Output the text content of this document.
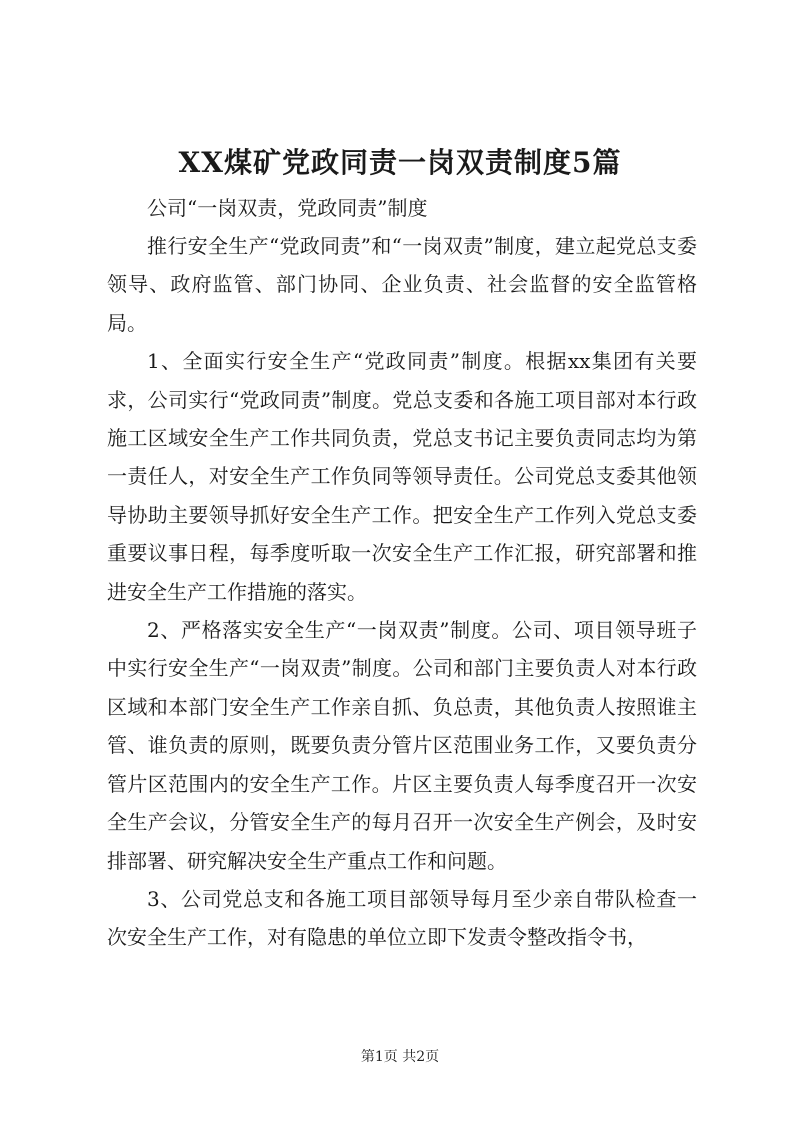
XX煤矿党政同责一岗双责制度5篇
公司“一岗双责，党政同责”制度

推行安全生产“党政同责”和“一岗双责”制度，建立起党总支委领导、政府监管、部门协同、企业负责、社会监督的安全监管格局。

1、全面实行安全生产“党政同责”制度。根据xx集团有关要求，公司实行“党政同责”制度。党总支委和各施工项目部对本行政施工区域安全生产工作共同负责，党总支书记主要负责同志均为第一责任人，对安全生产工作负同等领导责任。公司党总支委其他领导协助主要领导抓好安全生产工作。把安全生产工作列入党总支委重要议事日程，每季度听取一次安全生产工作汇报，研究部署和推进安全生产工作措施的落实。

2、严格落实安全生产“一岗双责”制度。公司、项目领导班子中实行安全生产“一岗双责”制度。公司和部门主要负责人对本行政区域和本部门安全生产工作亲自抓、负总责，其他负责人按照谁主管、谁负责的原则，既要负责分管片区范围业务工作，又要负责分管片区范围内的安全生产工作。片区主要负责人每季度召开一次安全生产会议，分管安全生产的每月召开一次安全生产例会，及时安排部署、研究解决安全生产重点工作和问题。

3、公司党总支和各施工项目部领导每月至少亲自带队检查一次安全生产工作，对有隐患的单位立即下发责令整改指令书，

第1页 共2页
